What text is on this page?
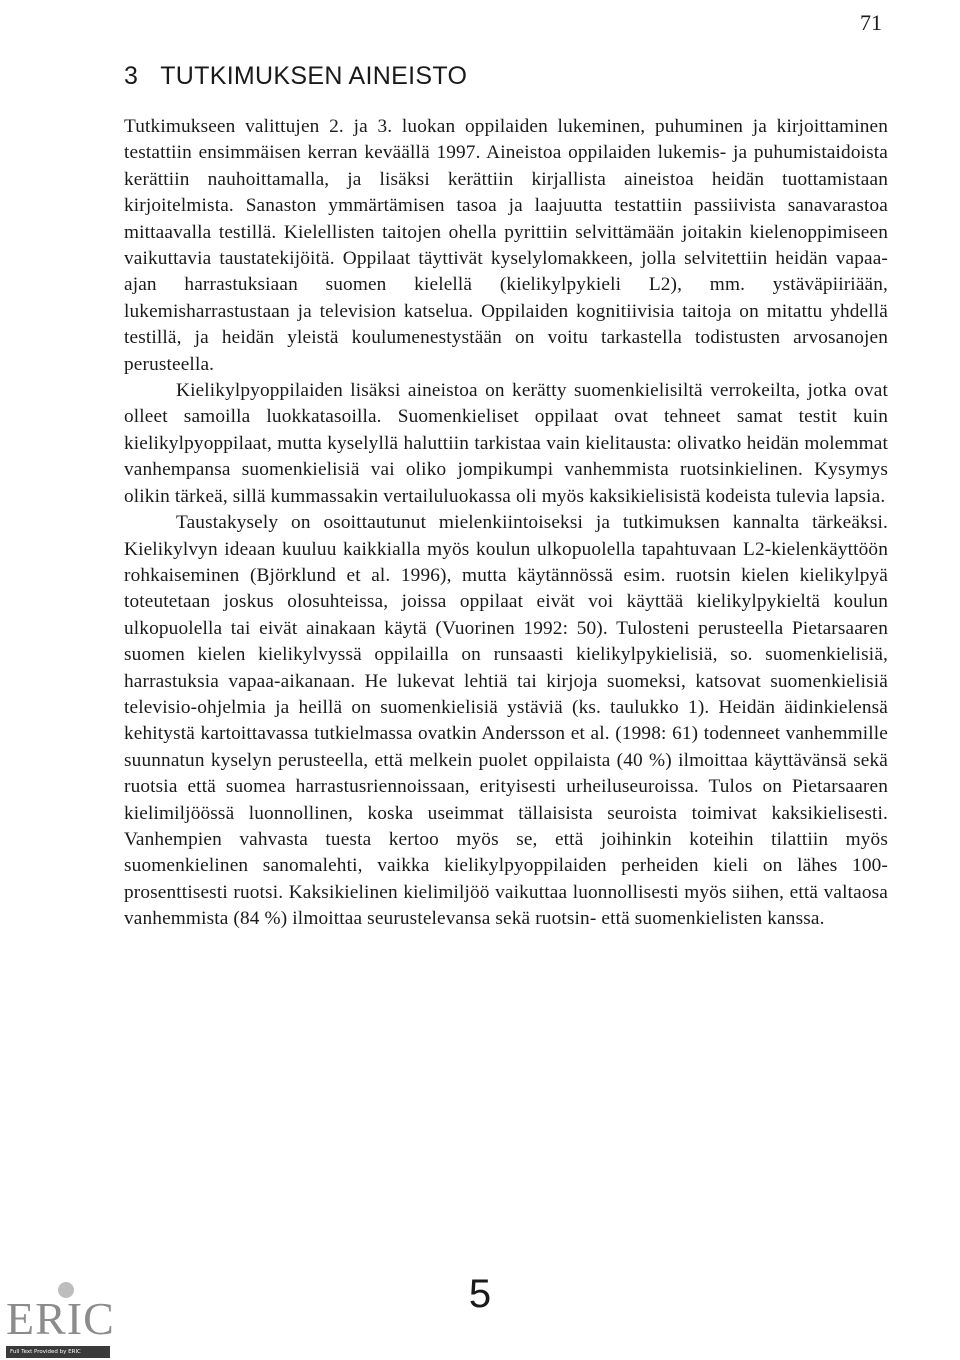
71
3 TUTKIMUKSEN AINEISTO

Tutkimukseen valittujen 2. ja 3. luokan oppilaiden lukeminen, puhuminen ja kirjoittaminen testattiin ensimmäisen kerran keväällä 1997. Aineistoa oppilaiden lukemis- ja puhumistaidoista kerättiin nauhoittamalla, ja lisäksi kerättiin kirjallista aineistoa heidän tuottamistaan kirjoitelmista. Sanaston ymmärtämisen tasoa ja laajuutta testattiin passiivista sanavarastoa mittaavalla testillä. Kielellisten taitojen ohella pyrittiin selvittämään joitakin kielenoppimiseen vaikuttavia taustatekijöitä. Oppilaat täyttivät kyselylomakkeen, jolla selvitettiin heidän vapaa-ajan harrastuksiaan suomen kielellä (kielikylpykieli L2), mm. ystäväpiiriään, lukemisharrastustaan ja television katselua. Oppilaiden kognitiivisia taitoja on mitattu yhdellä testillä, ja heidän yleistä koulumenestystään on voitu tarkastella todistusten arvosanojen perusteella.

Kielikylpyoppilaiden lisäksi aineistoa on kerätty suomenkielisiltä verrokeilta, jotka ovat olleet samoilla luokkatasoilla. Suomenkieliset oppilaat ovat tehneet samat testit kuin kielikylpyoppilaat, mutta kyselyllä haluttiin tarkistaa vain kielitausta: olivatko heidän molemmat vanhempansa suomenkielisiä vai oliko jompikumpi vanhemmista ruotsinkielinen. Kysymys olikin tärkeä, sillä kummassakin vertailuluokassa oli myös kaksikielisistä kodeista tulevia lapsia.

Taustakysely on osoittautunut mielenkiintoiseksi ja tutkimuksen kannalta tärkeäksi. Kielikylvyn ideaan kuuluu kaikkialla myös koulun ulkopuolella tapahtuvaan L2-kielenkäyttöön rohkaiseminen (Björklund et al. 1996), mutta käytännössä esim. ruotsin kielen kielikylpyä toteutetaan joskus olosuhteissa, joissa oppilaat eivät voi käyttää kielikylpykieltä koulun ulkopuolella tai eivät ainakaan käytä (Vuorinen 1992: 50). Tulosteni perusteella Pietarsaaren suomen kielen kielikylvyssä oppilailla on runsaasti kielikylpykielisiä, so. suomenkielisiä, harrastuksia vapaa-aikanaan. He lukevat lehtiä tai kirjoja suomeksi, katsovat suomenkielisiä televisio-ohjelmia ja heillä on suomenkielisiä ystäviä (ks. taulukko 1). Heidän äidinkielensä kehitystä kartoittavassa tutkielmassa ovatkin Andersson et al. (1998: 61) todenneet vanhemmille suunnatun kyselyn perusteella, että melkein puolet oppilaista (40 %) ilmoittaa käyttävänsä sekä ruotsia että suomea harrastusriennoissaan, erityisesti urheiluseuroissa. Tulos on Pietarsaaren kielimiljöössä luonnollinen, koska useimmat tällaisista seuroista toimivat kaksikielisesti. Vanhempien vahvasta tuesta kertoo myös se, että joihinkin koteihin tilattiin myös suomenkielinen sanomalehti, vaikka kielikylpyoppilaiden perheiden kieli on lähes 100-prosenttisesti ruotsi. Kaksikielinen kielimiljöö vaikuttaa luonnollisesti myös siihen, että valtaosa vanhemmista (84 %) ilmoittaa seurustelevansa sekä ruotsin- että suomenkielisten kanssa.

5
ERIC
Full Text Provided by ERIC
